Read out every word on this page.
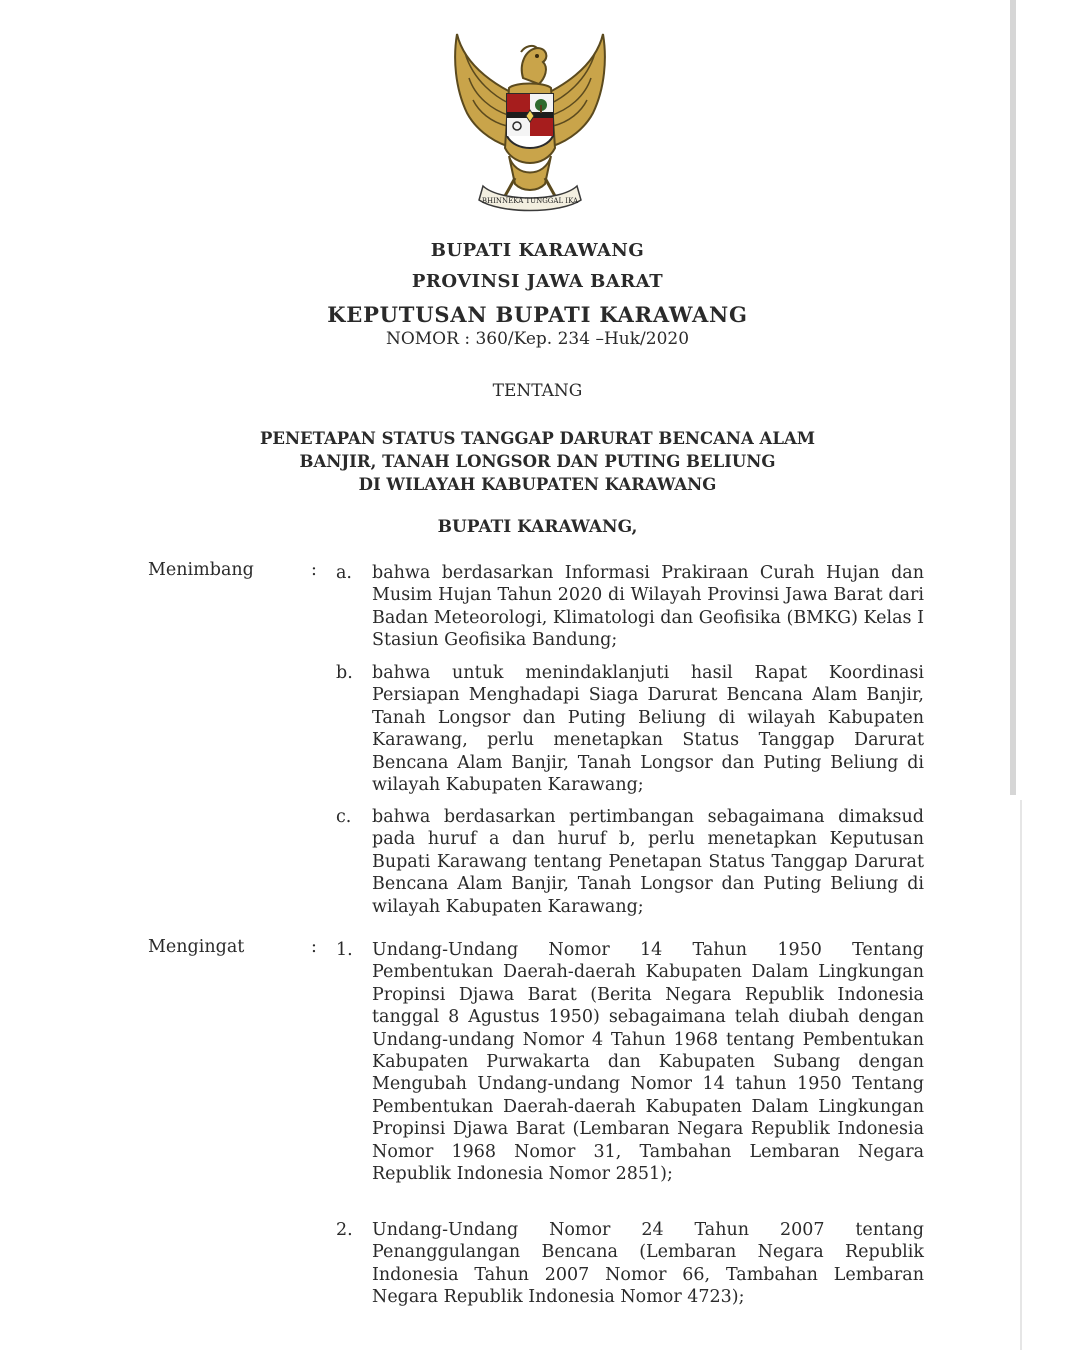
BHINNEKA TUNGGAL IKA

BUPATI KARAWANG

PROVINSI JAWA BARAT

KEPUTUSAN BUPATI KARAWANG

NOMOR : 360/Kep. 234 –Huk/2020
TENTANG
PENETAPAN STATUS TANGGAP DARURAT BENCANA ALAM
BANJIR, TANAH LONGSOR DAN PUTING BELIUNG
DI WILAYAH KABUPATEN KARAWANG
BUPATI KARAWANG,
Menimbang	: a.	bahwa berdasarkan Informasi Prakiraan Curah Hujan dan Musim Hujan Tahun 2020 di Wilayah Provinsi Jawa Barat dari Badan Meteorologi, Klimatologi dan Geofisika (BMKG) Kelas I Stasiun Geofisika Bandung;
b.	bahwa untuk menindaklanjuti hasil Rapat Koordinasi Persiapan Menghadapi Siaga Darurat Bencana Alam Banjir, Tanah Longsor dan Puting Beliung di wilayah Kabupaten Karawang, perlu menetapkan Status Tanggap Darurat Bencana Alam Banjir, Tanah Longsor dan Puting Beliung di wilayah Kabupaten Karawang;
c.	bahwa berdasarkan pertimbangan sebagaimana dimaksud pada huruf a dan huruf b, perlu menetapkan Keputusan Bupati Karawang tentang Penetapan Status Tanggap Darurat Bencana Alam Banjir, Tanah Longsor dan Puting Beliung di wilayah Kabupaten Karawang;
Mengingat	: 1.	Undang-Undang Nomor 14 Tahun 1950 Tentang Pembentukan Daerah-daerah Kabupaten Dalam Lingkungan Propinsi Djawa Barat (Berita Negara Republik Indonesia tanggal 8 Agustus 1950) sebagaimana telah diubah dengan Undang-undang Nomor 4 Tahun 1968 tentang Pembentukan Kabupaten Purwakarta dan Kabupaten Subang dengan Mengubah Undang-undang Nomor 14 tahun 1950 Tentang Pembentukan Daerah-daerah Kabupaten Dalam Lingkungan Propinsi Djawa Barat (Lembaran Negara Republik Indonesia Nomor 1968 Nomor 31, Tambahan Lembaran Negara Republik Indonesia Nomor 2851);
2.	Undang-Undang Nomor 24 Tahun 2007 tentang Penanggulangan Bencana (Lembaran Negara Republik Indonesia Tahun 2007 Nomor 66, Tambahan Lembaran Negara Republik Indonesia Nomor 4723);
